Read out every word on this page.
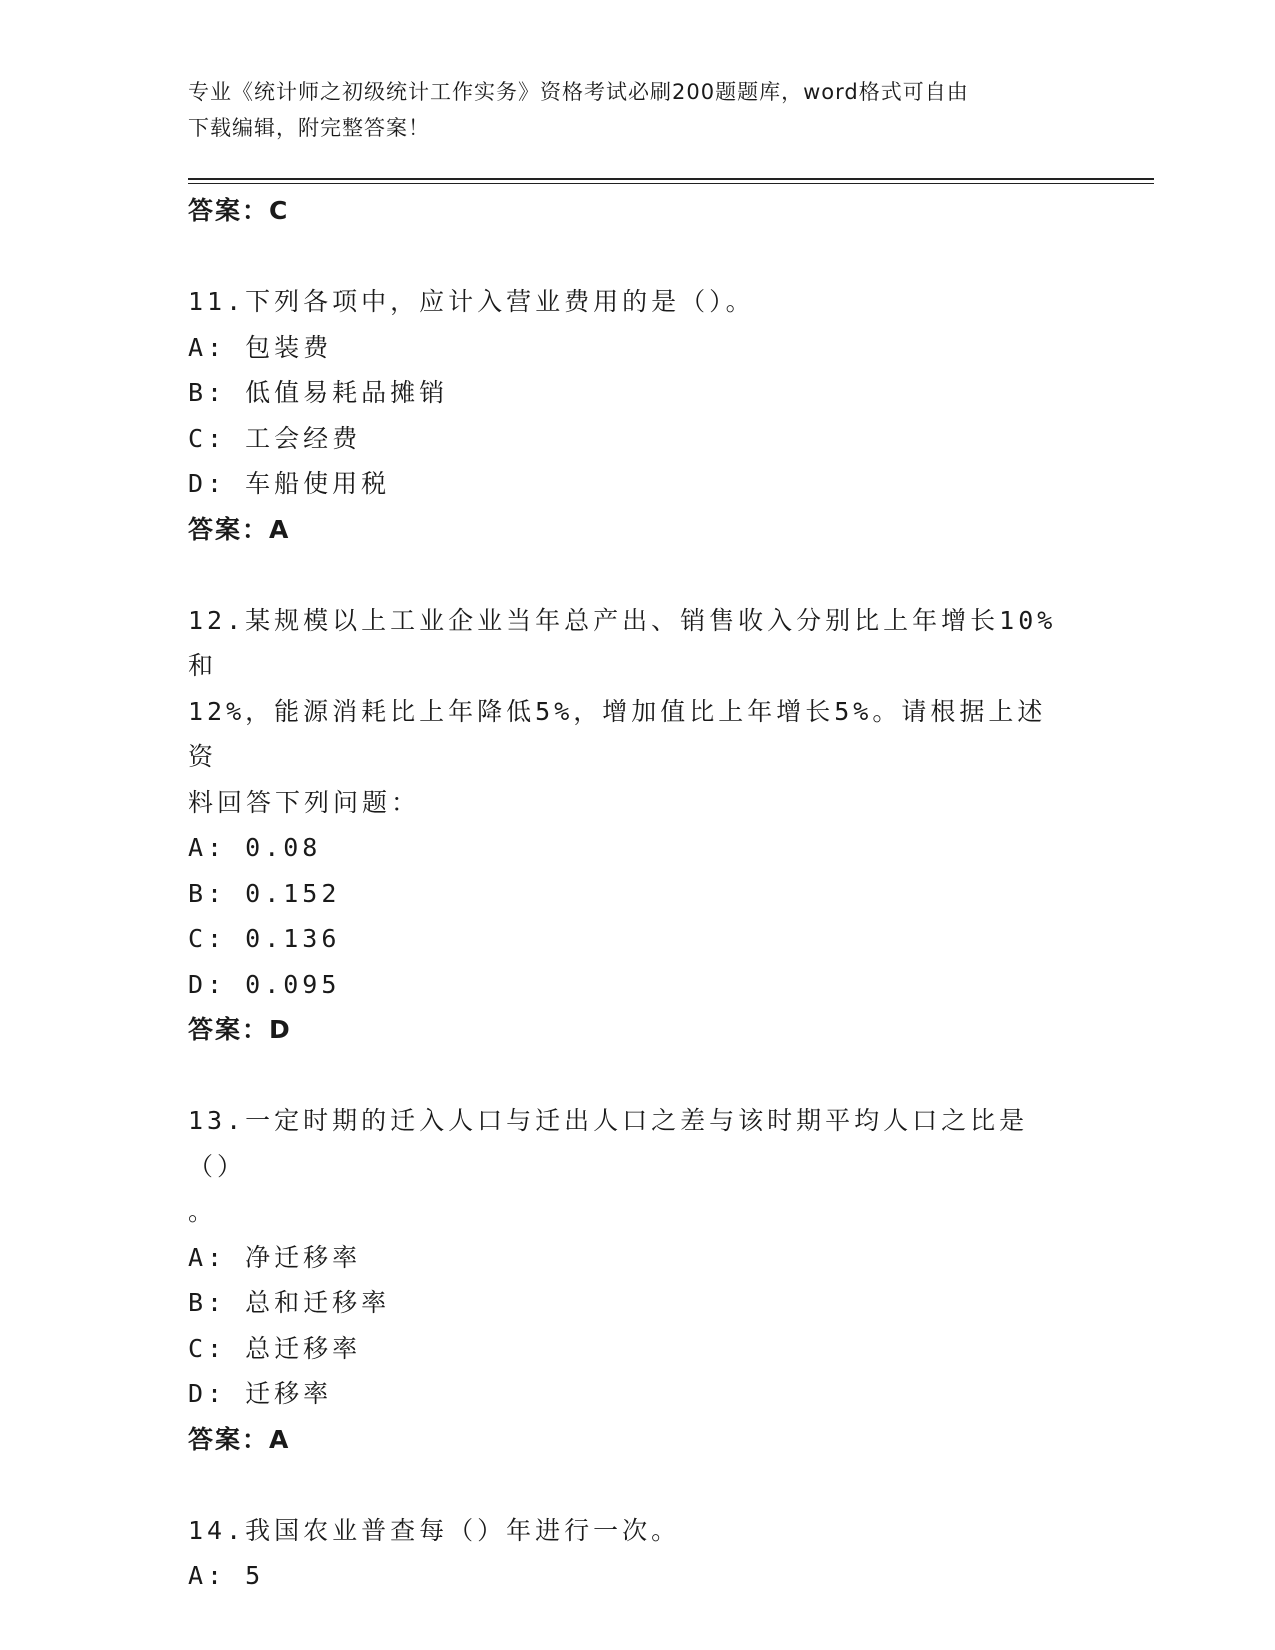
专业《统计师之初级统计工作实务》资格考试必刷200题题库，word格式可自由
下载编辑，附完整答案！

答案：C

11.下列各项中，应计入营业费用的是（）。

A: 包装费

B: 低值易耗品摊销

C: 工会经费

D: 车船使用税

答案：A

12.某规模以上工业企业当年总产出、销售收入分别比上年增长10%和

12%，能源消耗比上年降低5%，增加值比上年增长5%。请根据上述资

料回答下列问题：

A: 0.08

B: 0.152

C: 0.136

D: 0.095

答案：D

13.一定时期的迁入人口与迁出人口之差与该时期平均人口之比是（）

。

A: 净迁移率

B: 总和迁移率

C: 总迁移率

D: 迁移率

答案：A

14.我国农业普查每（）年进行一次。

A: 5
